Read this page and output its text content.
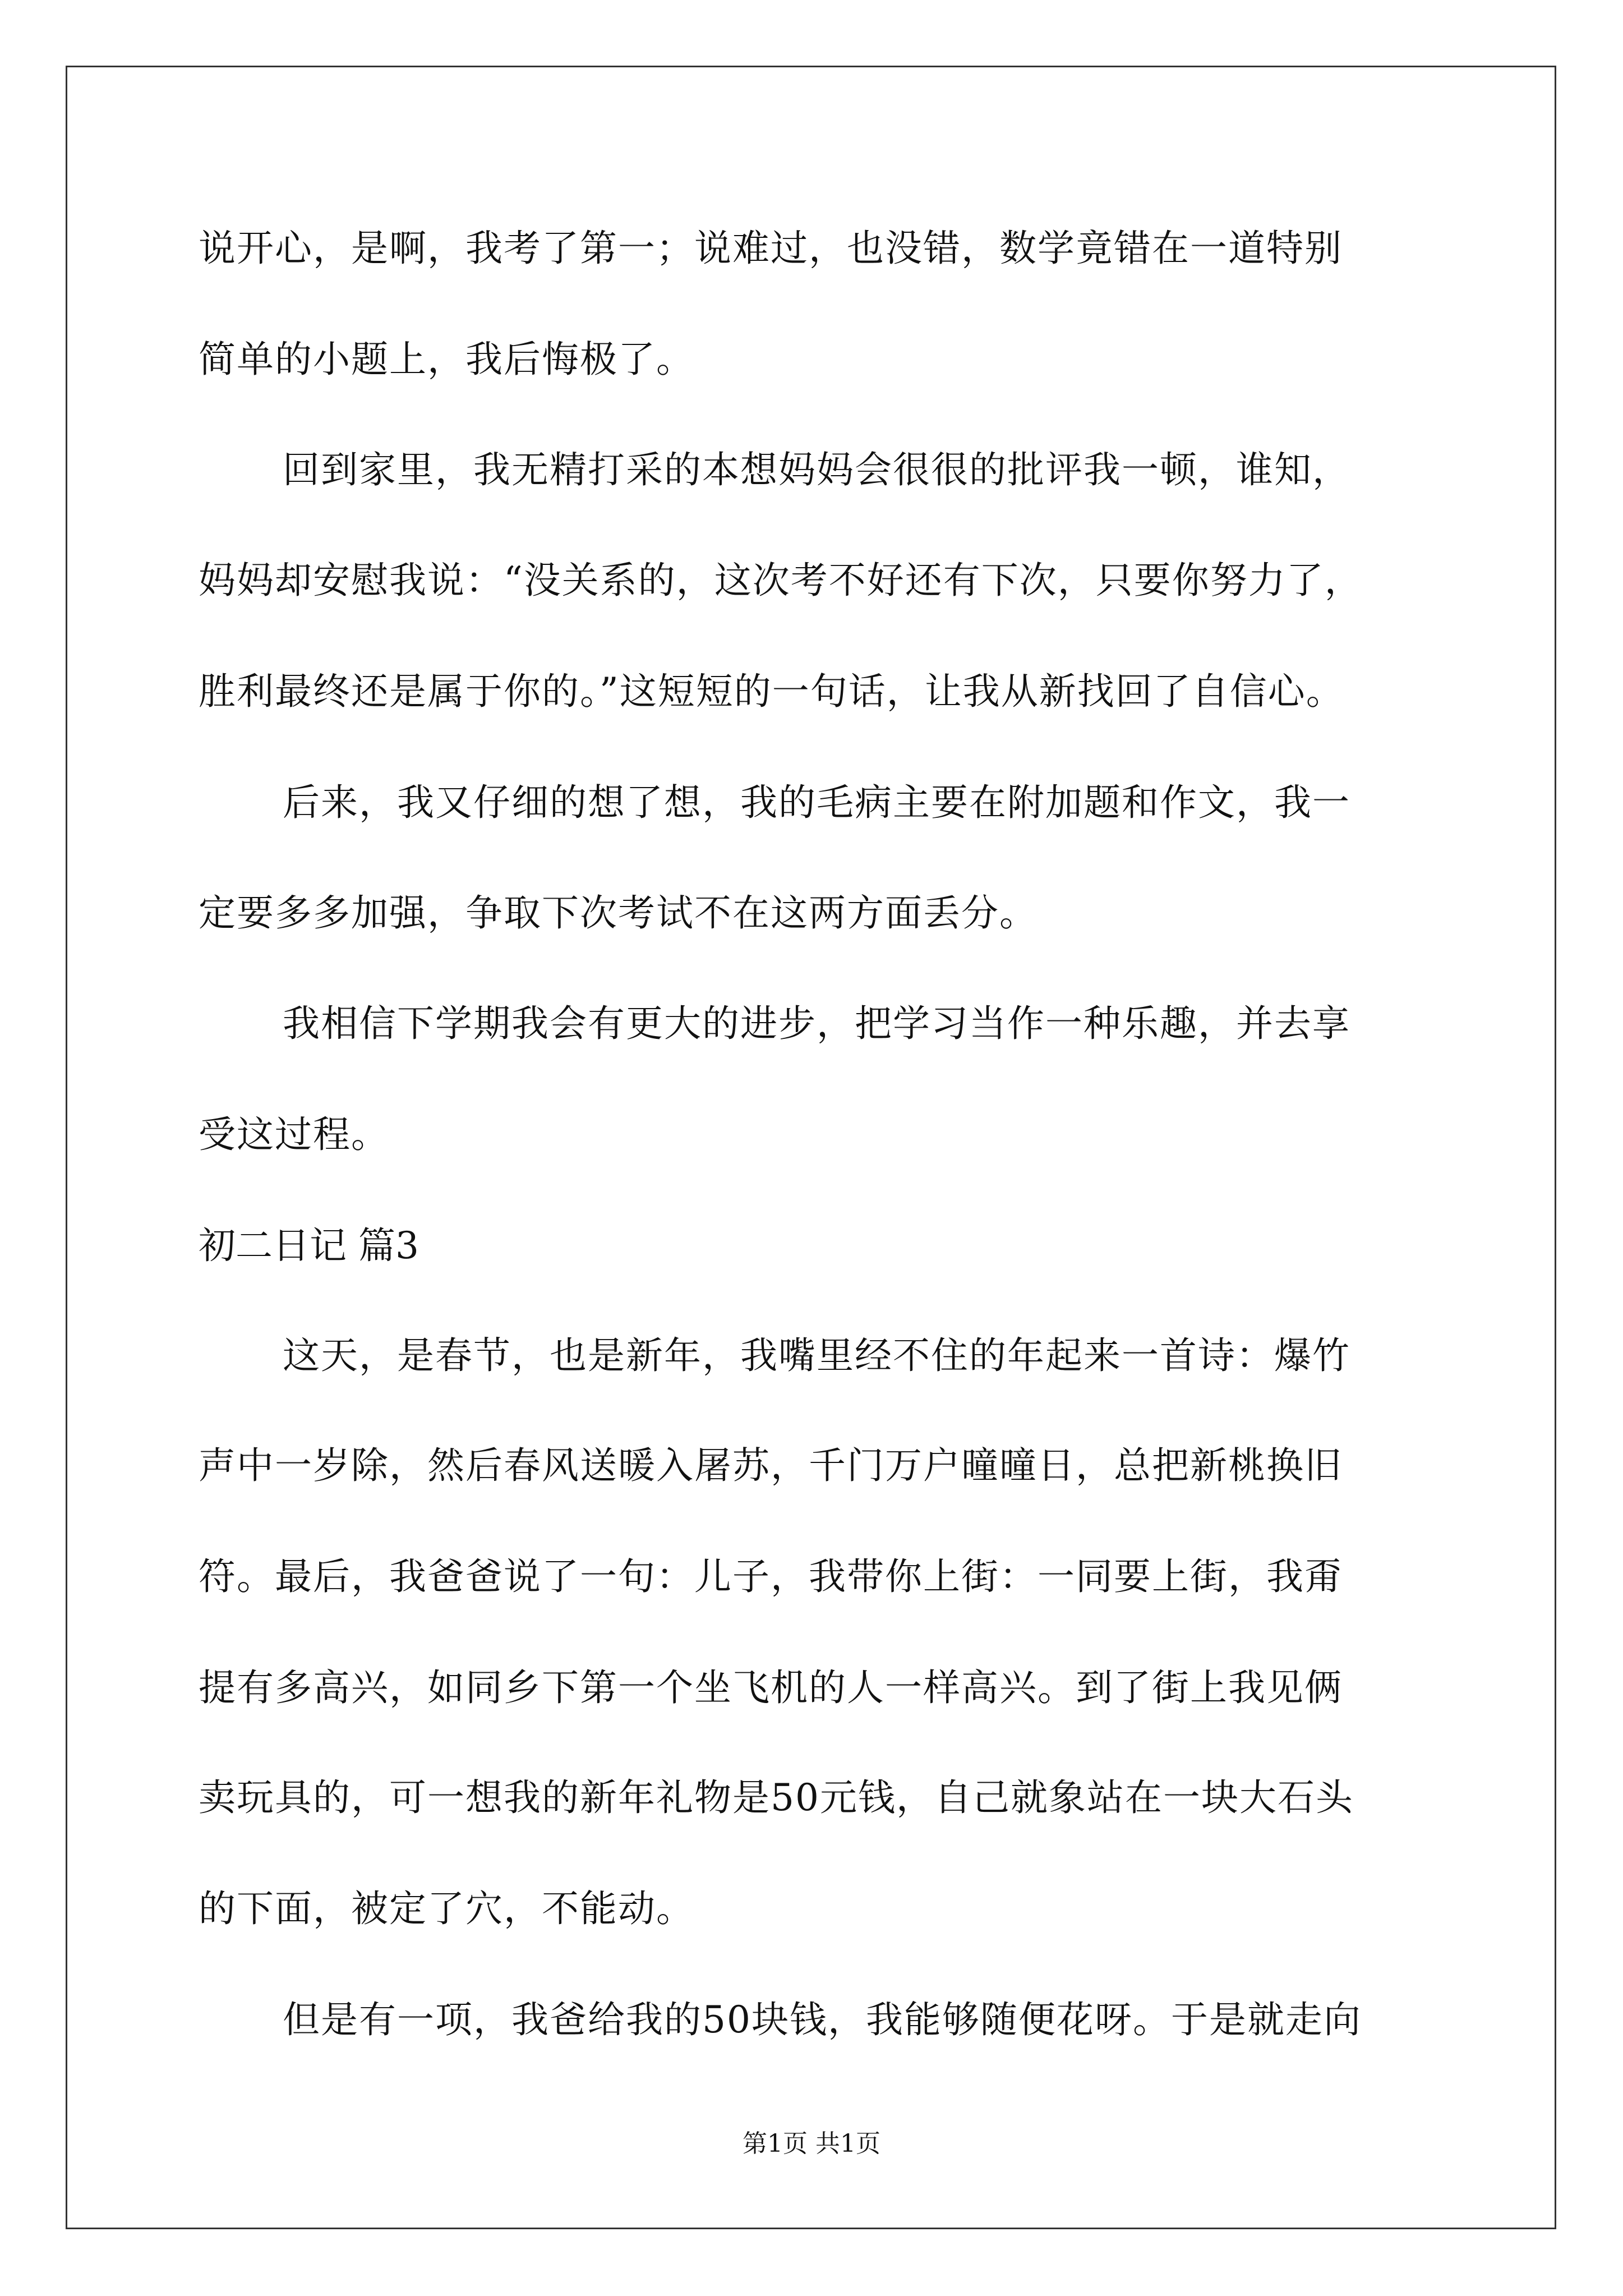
说开心，是啊，我考了第一；说难过，也没错，数学竟错在一道特别
简单的小题上，我后悔极了。
回到家里，我无精打采的本想妈妈会很很的批评我一顿，谁知，
妈妈却安慰我说：“没关系的，这次考不好还有下次，只要你努力了，
胜利最终还是属于你的。”这短短的一句话，让我从新找回了自信心。
后来，我又仔细的想了想，我的毛病主要在附加题和作文，我一
定要多多加强，争取下次考试不在这两方面丢分。
我相信下学期我会有更大的进步，把学习当作一种乐趣，并去享
受这过程。
初二日记 篇3
这天，是春节，也是新年，我嘴里经不住的年起来一首诗：爆竹
声中一岁除，然后春风送暖入屠苏，千门万户曈曈日，总把新桃换旧
符。最后，我爸爸说了一句：儿子，我带你上街：一同要上街，我甭
提有多高兴，如同乡下第一个坐飞机的人一样高兴。到了街上我见俩
卖玩具的，可一想我的新年礼物是50元钱，自己就象站在一块大石头
的下面，被定了穴，不能动。
但是有一项，我爸给我的50块钱，我能够随便花呀。于是就走向
第1页 共1页
